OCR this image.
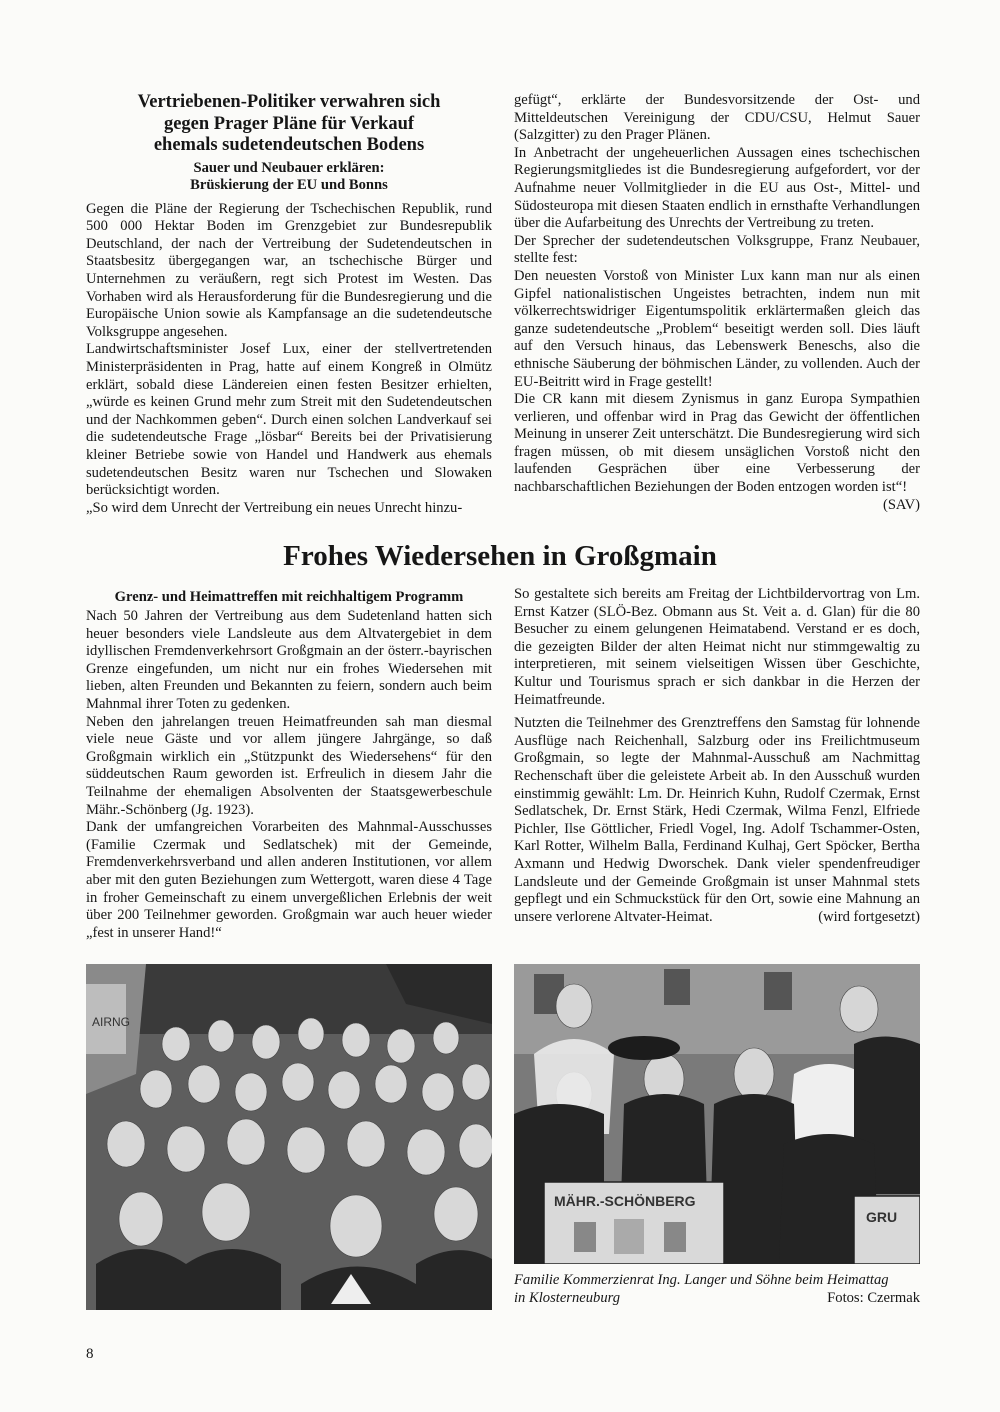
Vertriebenen-Politiker verwahren sich
gegen Prager Pläne für Verkauf
ehemals sudetendeutschen Bodens
Sauer und Neubauer erklären:
Brüskierung der EU und Bonns

Gegen die Pläne der Regierung der Tschechischen Republik, rund 500 000 Hektar Boden im Grenzgebiet zur Bundesrepublik Deutschland, der nach der Vertreibung der Sudetendeutschen in Staatsbesitz übergegangen war, an tschechische Bürger und Unternehmen zu veräußern, regt sich Protest im Westen. Das Vorhaben wird als Herausforderung für die Bundesregierung und die Europäische Union sowie als Kampfansage an die sudetendeutsche Volksgruppe angesehen.

Landwirtschaftsminister Josef Lux, einer der stellvertretenden Ministerpräsidenten in Prag, hatte auf einem Kongreß in Olmütz erklärt, sobald diese Ländereien einen festen Besitzer erhielten, „würde es keinen Grund mehr zum Streit mit den Sudetendeutschen und der Nachkommen geben“. Durch einen solchen Landverkauf sei die sudetendeutsche Frage „lösbar“ Bereits bei der Privatisierung kleiner Betriebe sowie von Handel und Handwerk aus ehemals sudetendeutschen Besitz waren nur Tschechen und Slowaken berücksichtigt worden.

„So wird dem Unrecht der Vertreibung ein neues Unrecht hinzu-

gefügt“, erklärte der Bundesvorsitzende der Ost- und Mitteldeutschen Vereinigung der CDU/CSU, Helmut Sauer (Salzgitter) zu den Prager Plänen.

In Anbetracht der ungeheuerlichen Aussagen eines tschechischen Regierungsmitgliedes ist die Bundesregierung aufgefordert, vor der Aufnahme neuer Vollmitglieder in die EU aus Ost-, Mittel- und Südosteuropa mit diesen Staaten endlich in ernsthafte Verhandlungen über die Aufarbeitung des Unrechts der Vertreibung zu treten.

Der Sprecher der sudetendeutschen Volksgruppe, Franz Neubauer, stellte fest:

Den neuesten Vorstoß von Minister Lux kann man nur als einen Gipfel nationalistischen Ungeistes betrachten, indem nun mit völkerrechtswidriger Eigentumspolitik erklärtermaßen gleich das ganze sudetendeutsche „Problem“ beseitigt werden soll. Dies läuft auf den Versuch hinaus, das Lebenswerk Beneschs, also die ethnische Säuberung der böhmischen Länder, zu vollenden. Auch der EU-Beitritt wird in Frage gestellt!

Die CR kann mit diesem Zynismus in ganz Europa Sympathien verlieren, und offenbar wird in Prag das Gewicht der öffentlichen Meinung in unserer Zeit unterschätzt. Die Bundesregierung wird sich fragen müssen, ob mit diesem unsäglichen Vorstoß nicht den laufenden Gesprächen über eine Verbesserung der nachbarschaftlichen Beziehungen der Boden entzogen worden ist“!
(SAV)

Frohes Wiedersehen in Großgmain
Grenz- und Heimattreffen mit reichhaltigem Programm

Nach 50 Jahren der Vertreibung aus dem Sudetenland hatten sich heuer besonders viele Landsleute aus dem Altvatergebiet in dem idyllischen Fremdenverkehrsort Großgmain an der österr.-bayrischen Grenze eingefunden, um nicht nur ein frohes Wiedersehen mit lieben, alten Freunden und Bekannten zu feiern, sondern auch beim Mahnmal ihrer Toten zu gedenken.

Neben den jahrelangen treuen Heimatfreunden sah man diesmal viele neue Gäste und vor allem jüngere Jahrgänge, so daß Großgmain wirklich ein „Stützpunkt des Wiedersehens“ für den süddeutschen Raum geworden ist. Erfreulich in diesem Jahr die Teilnahme der ehemaligen Absolventen der Staatsgewerbeschule Mähr.-Schönberg (Jg. 1923).

Dank der umfangreichen Vorarbeiten des Mahnmal-Ausschusses (Familie Czermak und Sedlatschek) mit der Gemeinde, Fremdenverkehrsverband und allen anderen Institutionen, vor allem aber mit den guten Beziehungen zum Wettergott, waren diese 4 Tage in froher Gemeinschaft zu einem unvergeßlichen Erlebnis der weit über 200 Teilnehmer geworden. Großgmain war auch heuer wieder „fest in unserer Hand!“

So gestaltete sich bereits am Freitag der Lichtbildervortrag von Lm. Ernst Katzer (SLÖ-Bez. Obmann aus St. Veit a. d. Glan) für die 80 Besucher zu einem gelungenen Heimatabend. Verstand er es doch, die gezeigten Bilder der alten Heimat nicht nur stimmgewaltig zu interpretieren, mit seinem vielseitigen Wissen über Geschichte, Kultur und Tourismus sprach er sich dankbar in die Herzen der Heimatfreunde.

Nutzten die Teilnehmer des Grenztreffens den Samstag für lohnende Ausflüge nach Reichenhall, Salzburg oder ins Freilichtmuseum Großgmain, so legte der Mahnmal-Ausschuß am Nachmittag Rechenschaft über die geleistete Arbeit ab. In den Ausschuß wurden einstimmig gewählt: Lm. Dr. Heinrich Kuhn, Rudolf Czermak, Ernst Sedlatschek, Dr. Ernst Stärk, Hedi Czermak, Wilma Fenzl, Elfriede Pichler, Ilse Göttlicher, Friedl Vogel, Ing. Adolf Tschammer-Osten, Karl Rotter, Wilhelm Balla, Ferdinand Kulhaj, Gert Spöcker, Bertha Axmann und Hedwig Dworschek. Dank vieler spendenfreudiger Landsleute und der Gemeinde Großgmain ist unser Mahnmal stets gepflegt und ein Schmuckstück für den Ort, sowie eine Mahnung an unsere verlorene Altvater-Heimat.	(wird fortgesetzt)

AIRNG
MÄHR.-SCHÖNBERG
GRU
Familie Kommerzienrat Ing. Langer und Söhne beim Heimattag
in Klosterneuburg	Fotos: Czermak
8
